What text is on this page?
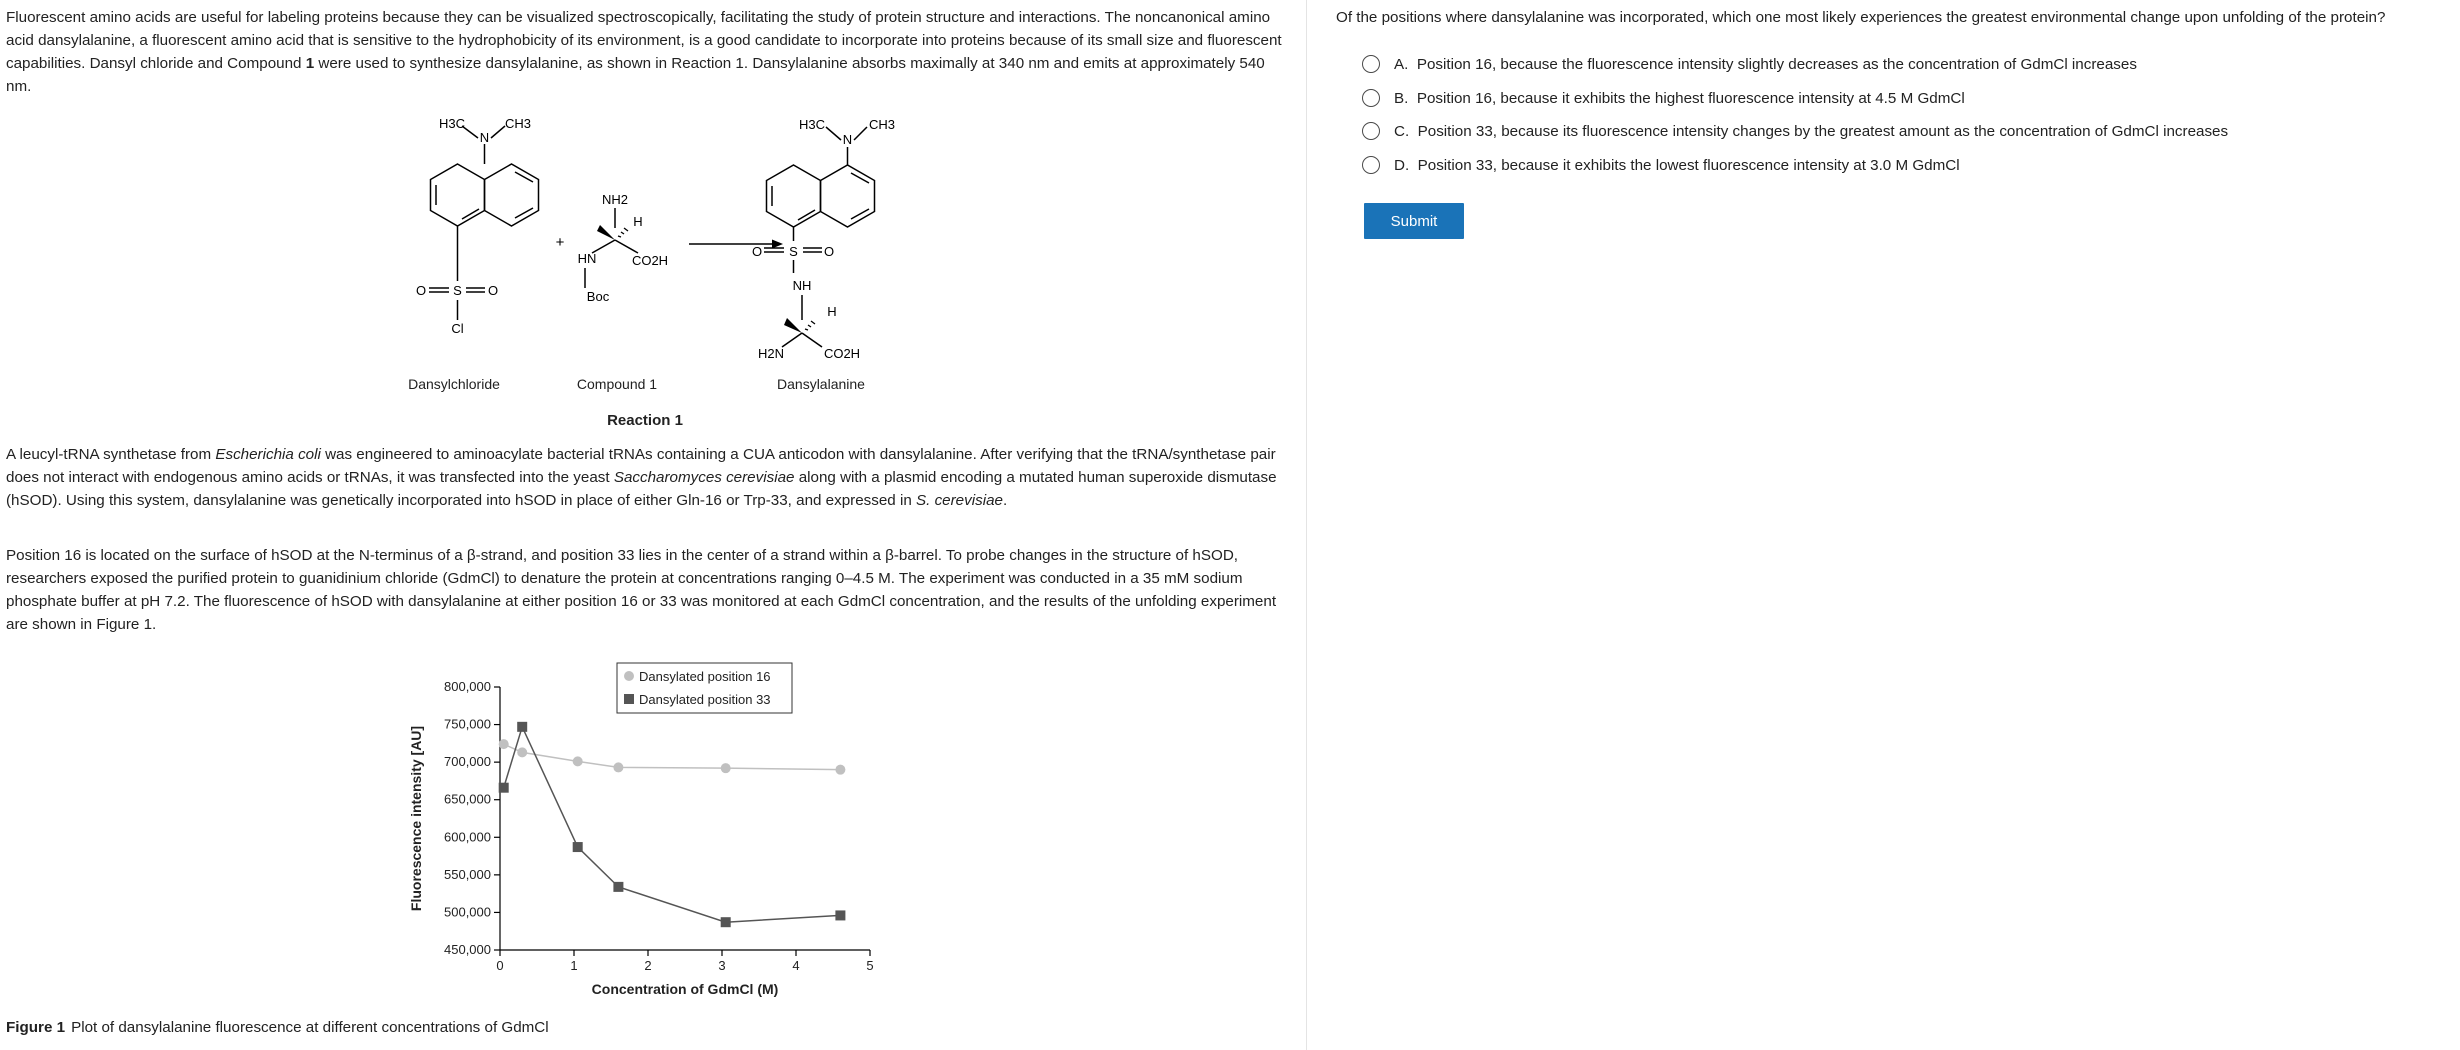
Fluorescent amino acids are useful for labeling proteins because they can be visualized spectroscopically, facilitating the study of protein structure and interactions. The noncanonical amino acid dansylalanine, a fluorescent amino acid that is sensitive to the hydrophobicity of its environment, is a good candidate to incorporate into proteins because of its small size and fluorescent capabilities. Dansyl chloride and Compound 1 were used to synthesize dansylalanine, as shown in Reaction 1. Dansylalanine absorbs maximally at 340 nm and emits at approximately 540 nm.

H3C
N
CH3
O S O
Cl
+
NH2
H
HN	CO2H
Boc
H3C
N
CH3
O S O
NH
H
H2N	CO2H
Dansylchloride	Compound 1	Dansylalanine
Reaction 1

A leucyl-tRNA synthetase from Escherichia coli was engineered to aminoacylate bacterial tRNAs containing a CUA anticodon with dansylalanine. After verifying that the tRNA/synthetase pair does not interact with endogenous amino acids or tRNAs, it was transfected into the yeast Saccharomyces cerevisiae along with a plasmid encoding a mutated human superoxide dismutase (hSOD). Using this system, dansylalanine was genetically incorporated into hSOD in place of either Gln-16 or Trp-33, and expressed in S. cerevisiae.

Position 16 is located on the surface of hSOD at the N-terminus of a β-strand, and position 33 lies in the center of a strand within a β-barrel. To probe changes in the structure of hSOD, researchers exposed the purified protein to guanidinium chloride (GdmCl) to denature the protein at concentrations ranging 0–4.5 M. The experiment was conducted in a 35 mM sodium phosphate buffer at pH 7.2. The fluorescence of hSOD with dansylalanine at either position 16 or 33 was monitored at each GdmCl concentration, and the results of the unfolding experiment are shown in Figure 1.

450,000
500,000
550,000
600,000
650,000
700,000
750,000
800,000
0	1	2	3	4	5
Concentration of GdmCl (M)
Fluorescence intensity [AU]
Dansylated position 16
Dansylated position 33
Figure 1 Plot of dansylalanine fluorescence at different concentrations of GdmCl
Of the positions where dansylalanine was incorporated, which one most likely experiences the greatest environmental change upon unfolding of the protein?
A.
Position 16, because the fluorescence intensity slightly decreases as the concentration of GdmCl increases
B.
Position 16, because it exhibits the highest fluorescence intensity at 4.5 M GdmCl
C.
Position 33, because its fluorescence intensity changes by the greatest amount as the concentration of GdmCl increases
D.
Position 33, because it exhibits the lowest fluorescence intensity at 3.0 M GdmCl
Submit
